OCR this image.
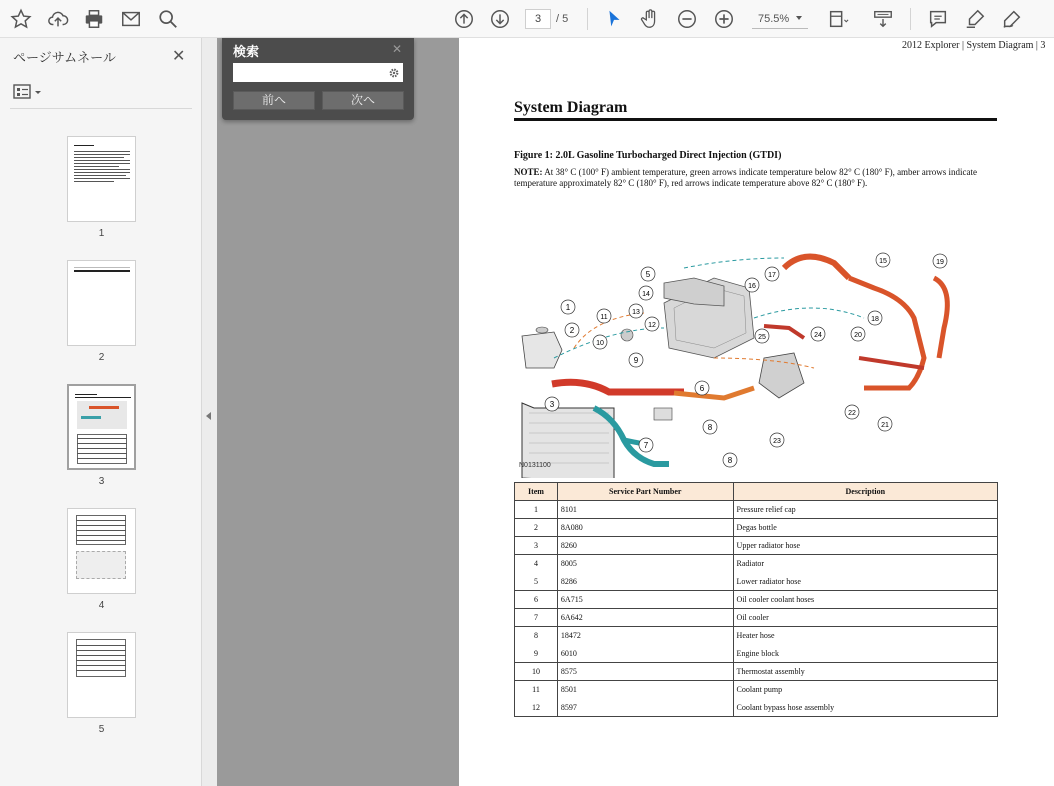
3	/ 5	75.5%
ページサムネール	✕
1
2
3
4
5
2012 Explorer | System Diagram | 3
System Diagram
Figure 1: 2.0L Gasoline Turbocharged Direct Injection (GTDI)
NOTE: At 38° C (100° F) ambient temperature, green arrows indicate temperature below 82° C (180° F), amber arrows indicate temperature approximately 82° C (180° F), red arrows indicate temperature above 82° C (180° F).
1
2
3
5
6
7
8
8
9
10
11
12
13
14
15
16
17
18
19
20
21
22
23
24
25
N0131100
Item	Service Part Number	Description
1	8101	Pressure relief cap
2	8A080	Degas bottle
3	8260	Upper radiator hose
4	8005	Radiator
5	8286	Lower radiator hose
6	6A715	Oil cooler coolant hoses
7	6A642	Oil cooler
8	18472	Heater hose
9	6010	Engine block
10	8575	Thermostat assembly
11	8501	Coolant pump
12	8597	Coolant bypass hose assembly
検索	✕
前へ	次へ
